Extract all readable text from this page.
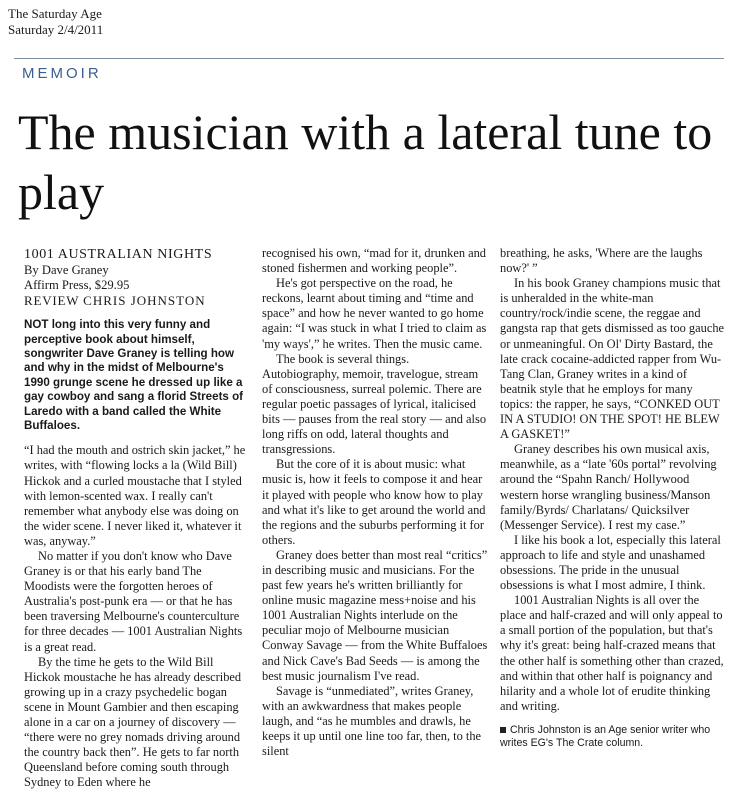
The Saturday Age
Saturday 2/4/2011
MEMOIR
The musician with a lateral tune to play
1001 AUSTRALIAN NIGHTS
By Dave Graney
Affirm Press, $29.95
REVIEW CHRIS JOHNSTON

NOT long into this very funny and perceptive book about himself, songwriter Dave Graney is telling how and why in the midst of Melbourne's 1990 grunge scene he dressed up like a gay cowboy and sang a florid Streets of Laredo with a band called the White Buffaloes.

“I had the mouth and ostrich skin jacket,” he writes, with “flowing locks a la (Wild Bill) Hickok and a curled moustache that I styled with lemon-scented wax. I really can't remember what anybody else was doing on the wider scene. I never liked it, whatever it was, anyway.”

No matter if you don't know who Dave Graney is or that his early band The Moodists were the forgotten heroes of Australia's post-punk era — or that he has been traversing Melbourne's counterculture for three decades — 1001 Australian Nights is a great read.

By the time he gets to the Wild Bill Hickok moustache he has already described growing up in a crazy psychedelic bogan scene in Mount Gambier and then escaping alone in a car on a journey of discovery — “there were no grey nomads driving around the country back then”. He gets to far north Queensland before coming south through Sydney to Eden where he

recognised his own, “mad for it, drunken and stoned fishermen and working people”.

He's got perspective on the road, he reckons, learnt about timing and “time and space” and how he never wanted to go home again: “I was stuck in what I tried to claim as 'my ways',” he writes. Then the music came.

The book is several things. Autobiography, memoir, travelogue, stream of consciousness, surreal polemic. There are regular poetic passages of lyrical, italicised bits — pauses from the real story — and also long riffs on odd, lateral thoughts and transgressions.

But the core of it is about music: what music is, how it feels to compose it and hear it played with people who know how to play and what it's like to get around the world and the regions and the suburbs performing it for others.

Graney does better than most real “critics” in describing music and musicians. For the past few years he's written brilliantly for online music magazine mess+noise and his 1001 Australian Nights interlude on the peculiar mojo of Melbourne musician Conway Savage — from the White Buffaloes and Nick Cave's Bad Seeds — is among the best music journalism I've read.

Savage is “unmediated”, writes Graney, with an awkwardness that makes people laugh, and “as he mumbles and drawls, he keeps it up until one line too far, then, to the silent

breathing, he asks, 'Where are the laughs now?' ”

In his book Graney champions music that is unheralded in the white-man country/rock/indie scene, the reggae and gangsta rap that gets dismissed as too gauche or unmeaningful. On Ol' Dirty Bastard, the late crack cocaine-addicted rapper from Wu-Tang Clan, Graney writes in a kind of beatnik style that he employs for many topics: the rapper, he says, “CONKED OUT IN A STUDIO! ON THE SPOT! HE BLEW A GASKET!”

Graney describes his own musical axis, meanwhile, as a “late '60s portal” revolving around the “Spahn Ranch/ Hollywood western horse wrangling business/Manson family/Byrds/ Charlatans/ Quicksilver (Messenger Service). I rest my case.”

I like his book a lot, especially this lateral approach to life and style and unashamed obsessions. The pride in the unusual obsessions is what I most admire, I think.

1001 Australian Nights is all over the place and half-crazed and will only appeal to a small portion of the population, but that's why it's great: being half-crazed means that the other half is something other than crazed, and within that other half is poignancy and hilarity and a whole lot of erudite thinking and writing.

Chris Johnston is an Age senior writer who writes EG's The Crate column.
